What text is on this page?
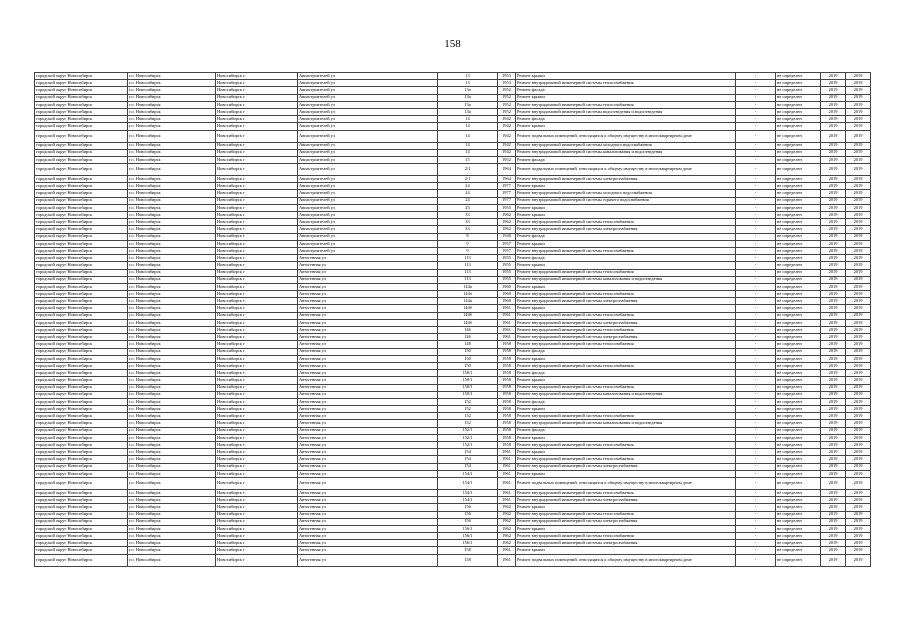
158
городской округ Новосибирск	г.о. Новосибирск	Новосибирск г	Авиастроителей ул	13	1953	Ремонт крыши	-	не определен	2019	2019
городской округ Новосибирск	г.о. Новосибирск	Новосибирск г	Авиастроителей ул	13	1953	Ремонт внутридомовой инженерной системы теплоснабжения	-	не определен	2019	2019
городской округ Новосибирск	г.о. Новосибирск	Новосибирск г	Авиастроителей ул	13а	1952	Ремонт фасада	-	не определен	2019	2019
городской округ Новосибирск	г.о. Новосибирск	Новосибирск г	Авиастроителей ул	13а	1952	Ремонт крыши	-	не определен	2019	2019
городской округ Новосибирск	г.о. Новосибирск	Новосибирск г	Авиастроителей ул	13а	1952	Ремонт внутридомовой инженерной системы теплоснабжения	-	не определен	2019	2019
городской округ Новосибирск	г.о. Новосибирск	Новосибирск г	Авиастроителей ул	13а	1952	Ремонт внутридомовой инженерной системы водоотведения и водоотведения	-	не определен	2019	2019
городской округ Новосибирск	г.о. Новосибирск	Новосибирск г	Авиастроителей ул	14	1942	Ремонт фасада	-	не определен	2019	2019
городской округ Новосибирск	г.о. Новосибирск	Новосибирск г	Авиастроителей ул	14	1942	Ремонт крыши	-	не определен	2019	2019
городской округ Новосибирск	г.о. Новосибирск	Новосибирск г	Авиастроителей ул	14	1942	Ремонт подвальных помещений, относящихся к общему имуществу в многоквартирном доме	-	не определен	2019	2019
городской округ Новосибирск	г.о. Новосибирск	Новосибирск г	Авиастроителей ул	14	1942	Ремонт внутридомовой инженерной системы холодного водоснабжения	-	не определен	2019	2019
городской округ Новосибирск	г.о. Новосибирск	Новосибирск г	Авиастроителей ул	14	1942	Ремонт внутридомовой инженерной системы канализования и водоотведения	-	не определен	2019	2019
городской округ Новосибирск	г.о. Новосибирск	Новосибирск г	Авиастроителей ул	15	1952	Ремонт фасада	-	не определен	2019	2019
городской округ Новосибирск	г.о. Новосибирск	Новосибирск г	Авиастроителей ул	2/1	1964	Ремонт подвальных помещений, относящихся к общему имуществу в многоквартирном доме	-	не определен	2019	2019
городской округ Новосибирск	г.о. Новосибирск	Новосибирск г	Авиастроителей ул	2/1	1964	Ремонт внутридомовой инженерной системы электроснабжения	-	не определен	2019	2019
городской округ Новосибирск	г.о. Новосибирск	Новосибирск г	Авиастроителей ул	24	1977	Ремонт крыши	-	не определен	2019	2019
городской округ Новосибирск	г.о. Новосибирск	Новосибирск г	Авиастроителей ул	24	1977	Ремонт внутридомовой инженерной системы холодного водоснабжения	-	не определен	2019	2019
городской округ Новосибирск	г.о. Новосибирск	Новосибирск г	Авиастроителей ул	24	1977	Ремонт внутридомовой инженерной системы горячего водоснабжения	-	не определен	2019	2019
городской округ Новосибирск	г.о. Новосибирск	Новосибирск г	Авиастроителей ул	25	1955	Ремонт крыши	-	не определен	2019	2019
городской округ Новосибирск	г.о. Новосибирск	Новосибирск г	Авиастроителей ул	33	1962	Ремонт крыши	-	не определен	2019	2019
городской округ Новосибирск	г.о. Новосибирск	Новосибирск г	Авиастроителей ул	33	1962	Ремонт внутридомовой инженерной системы теплоснабжения	-	не определен	2019	2019
городской округ Новосибирск	г.о. Новосибирск	Новосибирск г	Авиастроителей ул	33	1962	Ремонт внутридомовой инженерной системы электроснабжения	-	не определен	2019	2019
городской округ Новосибирск	г.о. Новосибирск	Новосибирск г	Авиастроителей ул	8	1940	Ремонт фасада	-	не определен	2019	2019
городской округ Новосибирск	г.о. Новосибирск	Новосибирск г	Авиастроителей ул	9	1957	Ремонт крыши	-	не определен	2019	2019
городской округ Новосибирск	г.о. Новосибирск	Новосибирск г	Авиастроителей ул	9	1957	Ремонт внутридомовой инженерной системы теплоснабжения	-	не определен	2019	2019
городской округ Новосибирск	г.о. Новосибирск	Новосибирск г	Автогенная ул	113	1955	Ремонт фасада	-	не определен	2019	2019
городской округ Новосибирск	г.о. Новосибирск	Новосибирск г	Автогенная ул	113	1955	Ремонт крыши	-	не определен	2019	2019
городской округ Новосибирск	г.о. Новосибирск	Новосибирск г	Автогенная ул	113	1955	Ремонт внутридомовой инженерной системы теплоснабжения	-	не определен	2019	2019
городской округ Новосибирск	г.о. Новосибирск	Новосибирск г	Автогенная ул	113	1955	Ремонт внутридомовой инженерной системы канализования и водоотведения	-	не определен	2019	2019
городской округ Новосибирск	г.о. Новосибирск	Новосибирск г	Автогенная ул	144а	1960	Ремонт крыши	-	не определен	2019	2019
городской округ Новосибирск	г.о. Новосибирск	Новосибирск г	Автогенная ул	144а	1960	Ремонт внутридомовой инженерной системы теплоснабжения	-	не определен	2019	2019
городской округ Новосибирск	г.о. Новосибирск	Новосибирск г	Автогенная ул	144а	1960	Ремонт внутридомовой инженерной системы электроснабжения	-	не определен	2019	2019
городской округ Новосибирск	г.о. Новосибирск	Новосибирск г	Автогенная ул	144б	1961	Ремонт крыши	-	не определен	2019	2019
городской округ Новосибирск	г.о. Новосибирск	Новосибирск г	Автогенная ул	144б	1961	Ремонт внутридомовой инженерной системы теплоснабжения	-	не определен	2019	2019
городской округ Новосибирск	г.о. Новосибирск	Новосибирск г	Автогенная ул	144б	1961	Ремонт внутридомовой инженерной системы электроснабжения	-	не определен	2019	2019
городской округ Новосибирск	г.о. Новосибирск	Новосибирск г	Автогенная ул	146	1961	Ремонт внутридомовой инженерной системы теплоснабжения	-	не определен	2019	2019
городской округ Новосибирск	г.о. Новосибирск	Новосибирск г	Автогенная ул	146	1961	Ремонт внутридомовой инженерной системы электроснабжения	-	не определен	2019	2019
городской округ Новосибирск	г.о. Новосибирск	Новосибирск г	Автогенная ул	148	1958	Ремонт внутридомовой инженерной системы теплоснабжения	-	не определен	2019	2019
городской округ Новосибирск	г.о. Новосибирск	Новосибирск г	Автогенная ул	150	1958	Ремонт фасада	-	не определен	2019	2019
городской округ Новосибирск	г.о. Новосибирск	Новосибирск г	Автогенная ул	150	1958	Ремонт крыши	-	не определен	2019	2019
городской округ Новосибирск	г.о. Новосибирск	Новосибирск г	Автогенная ул	150	1958	Ремонт внутридомовой инженерной системы теплоснабжения	-	не определен	2019	2019
городской округ Новосибирск	г.о. Новосибирск	Новосибирск г	Автогенная ул	150/1	1958	Ремонт фасада	-	не определен	2019	2019
городской округ Новосибирск	г.о. Новосибирск	Новосибирск г	Автогенная ул	150/1	1958	Ремонт крыши	-	не определен	2019	2019
городской округ Новосибирск	г.о. Новосибирск	Новосибирск г	Автогенная ул	150/1	1958	Ремонт внутридомовой инженерной системы теплоснабжения	-	не определен	2019	2019
городской округ Новосибирск	г.о. Новосибирск	Новосибирск г	Автогенная ул	150/1	1958	Ремонт внутридомовой инженерной системы канализования и водоотведения	-	не определен	2019	2019
городской округ Новосибирск	г.о. Новосибирск	Новосибирск г	Автогенная ул	152	1958	Ремонт фасада	-	не определен	2019	2019
городской округ Новосибирск	г.о. Новосибирск	Новосибирск г	Автогенная ул	152	1958	Ремонт крыши	-	не определен	2019	2019
городской округ Новосибирск	г.о. Новосибирск	Новосибирск г	Автогенная ул	152	1958	Ремонт внутридомовой инженерной системы теплоснабжения	-	не определен	2019	2019
городской округ Новосибирск	г.о. Новосибирск	Новосибирск г	Автогенная ул	152	1958	Ремонт внутридомовой инженерной системы канализования и водоотведения	-	не определен	2019	2019
городской округ Новосибирск	г.о. Новосибирск	Новосибирск г	Автогенная ул	152/1	1958	Ремонт фасада	-	не определен	2019	2019
городской округ Новосибирск	г.о. Новосибирск	Новосибирск г	Автогенная ул	152/1	1958	Ремонт крыши	-	не определен	2019	2019
городской округ Новосибирск	г.о. Новосибирск	Новосибирск г	Автогенная ул	152/1	1958	Ремонт внутридомовой инженерной системы теплоснабжения	-	не определен	2019	2019
городской округ Новосибирск	г.о. Новосибирск	Новосибирск г	Автогенная ул	154	1961	Ремонт крыши	-	не определен	2019	2019
городской округ Новосибирск	г.о. Новосибирск	Новосибирск г	Автогенная ул	154	1961	Ремонт внутридомовой инженерной системы теплоснабжения	-	не определен	2019	2019
городской округ Новосибирск	г.о. Новосибирск	Новосибирск г	Автогенная ул	154	1961	Ремонт внутридомовой инженерной системы электроснабжения	-	не определен	2019	2019
городской округ Новосибирск	г.о. Новосибирск	Новосибирск г	Автогенная ул	154/1	1961	Ремонт крыши	-	не определен	2019	2019
городской округ Новосибирск	г.о. Новосибирск	Новосибирск г	Автогенная ул	154/1	1961	Ремонт подвальных помещений, относящихся к общему имуществу в многоквартирном доме	-	не определен	2019	2019
городской округ Новосибирск	г.о. Новосибирск	Новосибирск г	Автогенная ул	154/1	1961	Ремонт внутридомовой инженерной системы теплоснабжения	-	не определен	2019	2019
городской округ Новосибирск	г.о. Новосибирск	Новосибирск г	Автогенная ул	154/1	1961	Ремонт внутридомовой инженерной системы электроснабжения	-	не определен	2019	2019
городской округ Новосибирск	г.о. Новосибирск	Новосибирск г	Автогенная ул	156	1962	Ремонт крыши	-	не определен	2019	2019
городской округ Новосибирск	г.о. Новосибирск	Новосибирск г	Автогенная ул	156	1962	Ремонт внутридомовой инженерной системы теплоснабжения	-	не определен	2019	2019
городской округ Новосибирск	г.о. Новосибирск	Новосибирск г	Автогенная ул	156	1962	Ремонт внутридомовой инженерной системы электроснабжения	-	не определен	2019	2019
городской округ Новосибирск	г.о. Новосибирск	Новосибирск г	Автогенная ул	156/1	1962	Ремонт крыши	-	не определен	2019	2019
городской округ Новосибирск	г.о. Новосибирск	Новосибирск г	Автогенная ул	156/1	1962	Ремонт внутридомовой инженерной системы теплоснабжения	-	не определен	2019	2019
городской округ Новосибирск	г.о. Новосибирск	Новосибирск г	Автогенная ул	156/1	1962	Ремонт внутридомовой инженерной системы электроснабжения	-	не определен	2019	2019
городской округ Новосибирск	г.о. Новосибирск	Новосибирск г	Автогенная ул	158	1961	Ремонт крыши	-	не определен	2019	2019
городской округ Новосибирск	г.о. Новосибирск	Новосибирск г	Автогенная ул	158	1961	Ремонт подвальных помещений, относящихся к общему имуществу в многоквартирном доме	-	не определен	2019	2019
